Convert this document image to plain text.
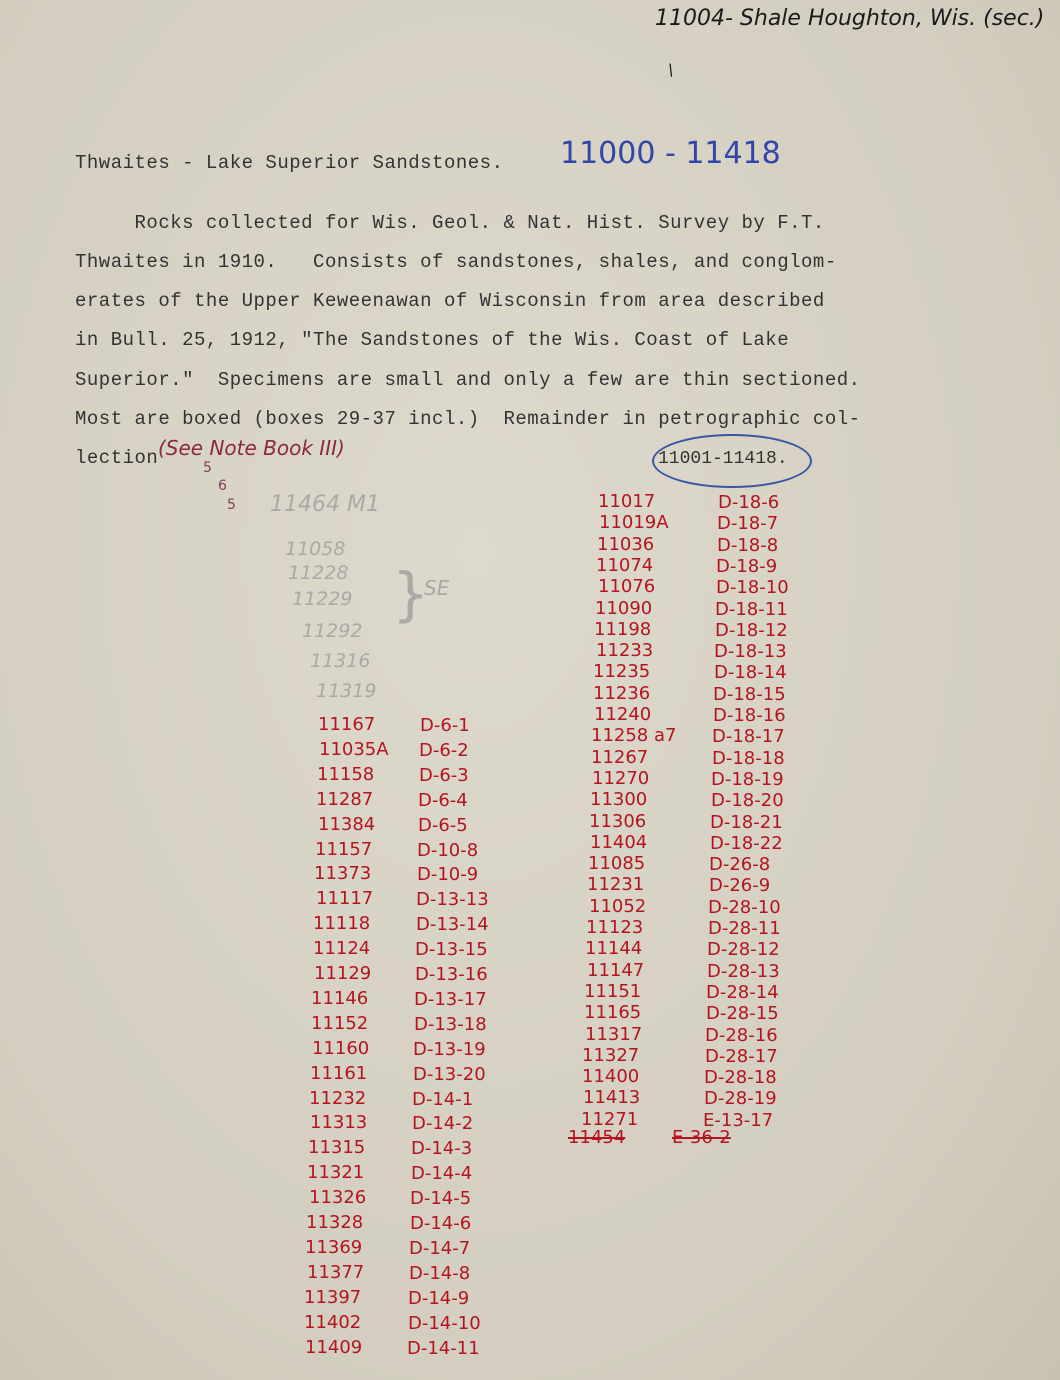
11004- Shale Houghton, Wis. (sec.)
\
Thwaites - Lake Superior Sandstones. 11000 - 11418
Rocks collected for Wis. Geol. & Nat. Hist. Survey by F.T.
Thwaites in 1910.   Consists of sandstones, shales, and conglom-
erates of the Upper Keweenawan of Wisconsin from area described
in Bull. 25, 1912, "The Sandstones of the Wis. Coast of Lake
Superior."  Specimens are small and only a few are thin sectioned.
Most are boxed (boxes 29-37 incl.)  Remainder in petrographic col-
lection (See Note Book III)	11001-11418.
5
6
5 11464 M1
11058
11228
11229
11292
11316
11319
}
SE
11167 D-6-1
11035A D-6-2
11158 D-6-3
11287 D-6-4
11384 D-6-5
11157 D-10-8
11373	D-10-9
11117 D-13-13
11118	D-13-14
11124 D-13-15
11129 D-13-16
11146	D-13-17
11152	D-13-18
11160 D-13-19
11161	D-13-20
11232	D-14-1
11313 D-14-2
11315	D-14-3
11321	D-14-4
11326 D-14-5
11328	D-14-6
11369	D-14-7
11377 D-14-8
11397	D-14-9
11402	D-14-10
11409 D-14-11
11017	D-18-6
11019A	D-18-7
11036	D-18-8
11074	D-18-9
11076	D-18-10
11090	D-18-11
11198	D-18-12
11233	D-18-13
11235	D-18-14
11236	D-18-15
11240	D-18-16
11258 a7 D-18-17
11267	D-18-18
11270	D-18-19
11300	D-18-20
11306	D-18-21
11404	D-18-22
11085	D-26-8
11231	D-26-9
11052	D-28-10
11123	D-28-11
11144	D-28-12
11147	D-28-13
11151	D-28-14
11165	D-28-15
11317	D-28-16
11327	D-28-17
11400	D-28-18
11413	D-28-19
11271	E-13-17
11454	E-36-2
